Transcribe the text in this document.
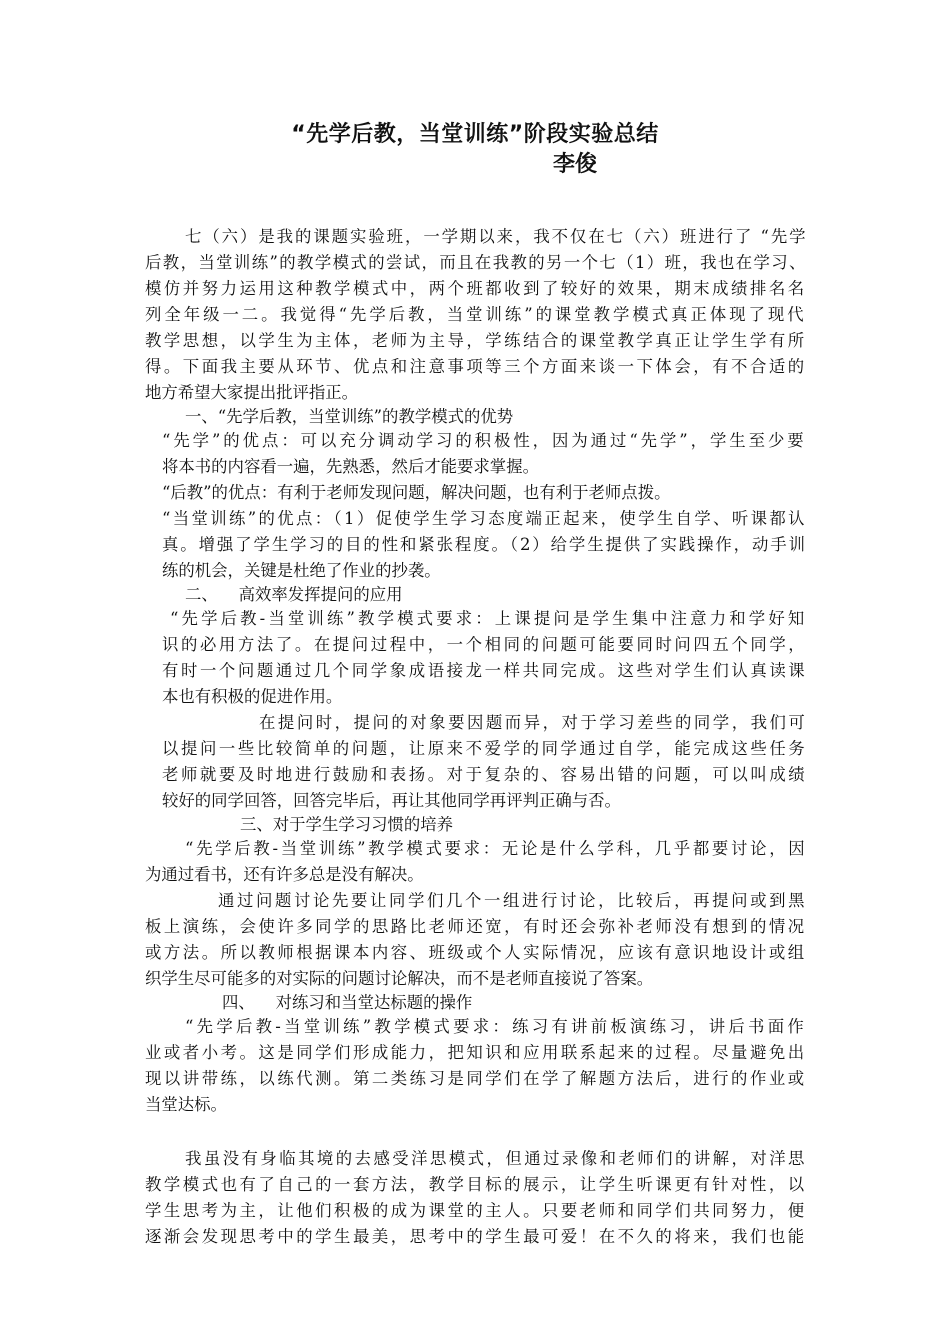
“先学后教，当堂训练”阶段实验总结
李俊
七（六）是我的课题实验班，一学期以来，我不仅在七（六）班进行了 “先学
后教，当堂训练”的教学模式的尝试，而且在我教的另一个七（1）班，我也在学习、
模仿并努力运用这种教学模式中，两个班都收到了较好的效果，期末成绩排名名
列全年级一二。我觉得“先学后教，当堂训练”的课堂教学模式真正体现了现代
教学思想，以学生为主体，老师为主导，学练结合的课堂教学真正让学生学有所
得。下面我主要从环节、优点和注意事项等三个方面来谈一下体会，有不合适的
地方希望大家提出批评指正。
一、“先学后教，当堂训练”的教学模式的优势
“先学”的优点：可以充分调动学习的积极性，因为通过“先学”，学生至少要
将本书的内容看一遍，先熟悉，然后才能要求掌握。
“后教”的优点：有利于老师发现问题，解决问题，也有利于老师点拨。
“当堂训练”的优点：（1）促使学生学习态度端正起来，使学生自学、听课都认
真。增强了学生学习的目的性和紧张程度。（2）给学生提供了实践操作，动手训
练的机会，关键是杜绝了作业的抄袭。
二、    高效率发挥提问的应用
“先学后教-当堂训练”教学模式要求：上课提问是学生集中注意力和学好知
识的必用方法了。在提问过程中，一个相同的问题可能要同时问四五个同学，
有时一个问题通过几个同学象成语接龙一样共同完成。这些对学生们认真读课
本也有积极的促进作用。
在提问时，提问的对象要因题而异，对于学习差些的同学，我们可
以提问一些比较简单的问题，让原来不爱学的同学通过自学，能完成这些任务
老师就要及时地进行鼓励和表扬。对于复杂的、容易出错的问题，可以叫成绩
较好的同学回答，回答完毕后，再让其他同学再评判正确与否。
三、对于学生学习习惯的培养
“先学后教-当堂训练”教学模式要求：无论是什么学科，几乎都要讨论，因
为通过看书，还有许多总是没有解决。
通过问题讨论先要让同学们几个一组进行讨论，比较后，再提问或到黑
板上演练，会使许多同学的思路比老师还宽，有时还会弥补老师没有想到的情况
或方法。所以教师根据课本内容、班级或个人实际情况，应该有意识地设计或组
织学生尽可能多的对实际的问题讨论解决，而不是老师直接说了答案。
四、    对练习和当堂达标题的操作
“先学后教-当堂训练”教学模式要求：练习有讲前板演练习，讲后书面作
业或者小考。这是同学们形成能力，把知识和应用联系起来的过程。尽量避免出
现以讲带练，以练代测。第二类练习是同学们在学了解题方法后，进行的作业或
当堂达标。
我虽没有身临其境的去感受洋思模式，但通过录像和老师们的讲解，对洋思
教学模式也有了自己的一套方法，教学目标的展示，让学生听课更有针对性，以
学生思考为主，让他们积极的成为课堂的主人。只要老师和同学们共同努力，便
逐渐会发现思考中的学生最美，思考中的学生最可爱！在不久的将来，我们也能
